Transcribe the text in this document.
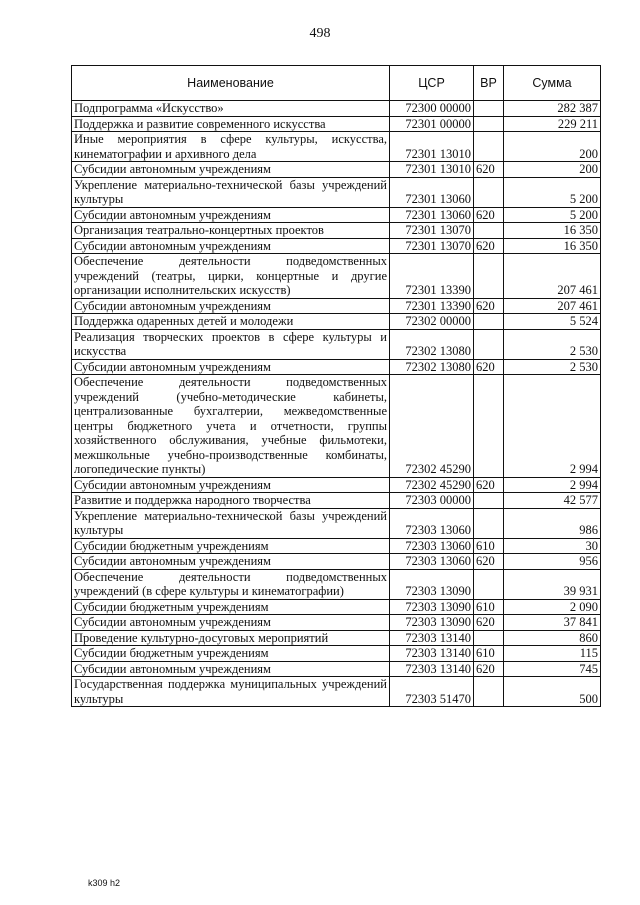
498
Наименование	ЦСР	ВР	Сумма
Подпрограмма «Искусство»	72300 00000		282 387
Поддержка и развитие современного искусства	72301 00000		229 211
Иные мероприятия в сфере культуры, искусства, кинематографии и архивного дела	72301 13010		200
Субсидии автономным учреждениям	72301 13010	620	200
Укрепление материально-технической базы учреждений культуры	72301 13060		5 200
Субсидии автономным учреждениям	72301 13060	620	5 200
Организация театрально-концертных проектов	72301 13070		16 350
Субсидии автономным учреждениям	72301 13070	620	16 350
Обеспечение деятельности подведомственных учреждений (театры, цирки, концертные и другие организации исполнительских искусств)	72301 13390		207 461
Субсидии автономным учреждениям	72301 13390	620	207 461
Поддержка одаренных детей и молодежи	72302 00000		5 524
Реализация творческих проектов в сфере культуры и искусства	72302 13080		2 530
Субсидии автономным учреждениям	72302 13080	620	2 530
Обеспечение деятельности подведомственных учреждений (учебно-методические кабинеты, централизованные бухгалтерии, межведомственные центры бюджетного учета и отчетности, группы хозяйственного обслуживания, учебные фильмотеки, межшкольные учебно-производственные комбинаты, логопедические пункты)	72302 45290		2 994
Субсидии автономным учреждениям	72302 45290	620	2 994
Развитие и поддержка народного творчества	72303 00000		42 577
Укрепление материально-технической базы учреждений культуры	72303 13060		986
Субсидии бюджетным учреждениям	72303 13060	610	30
Субсидии автономным учреждениям	72303 13060	620	956
Обеспечение деятельности подведомственных учреждений (в сфере культуры и кинематографии)	72303 13090		39 931
Субсидии бюджетным учреждениям	72303 13090	610	2 090
Субсидии автономным учреждениям	72303 13090	620	37 841
Проведение культурно-досуговых мероприятий	72303 13140		860
Субсидии бюджетным учреждениям	72303 13140	610	115
Субсидии автономным учреждениям	72303 13140	620	745
Государственная поддержка муниципальных учреждений культуры	72303 51470		500
k309 h2
